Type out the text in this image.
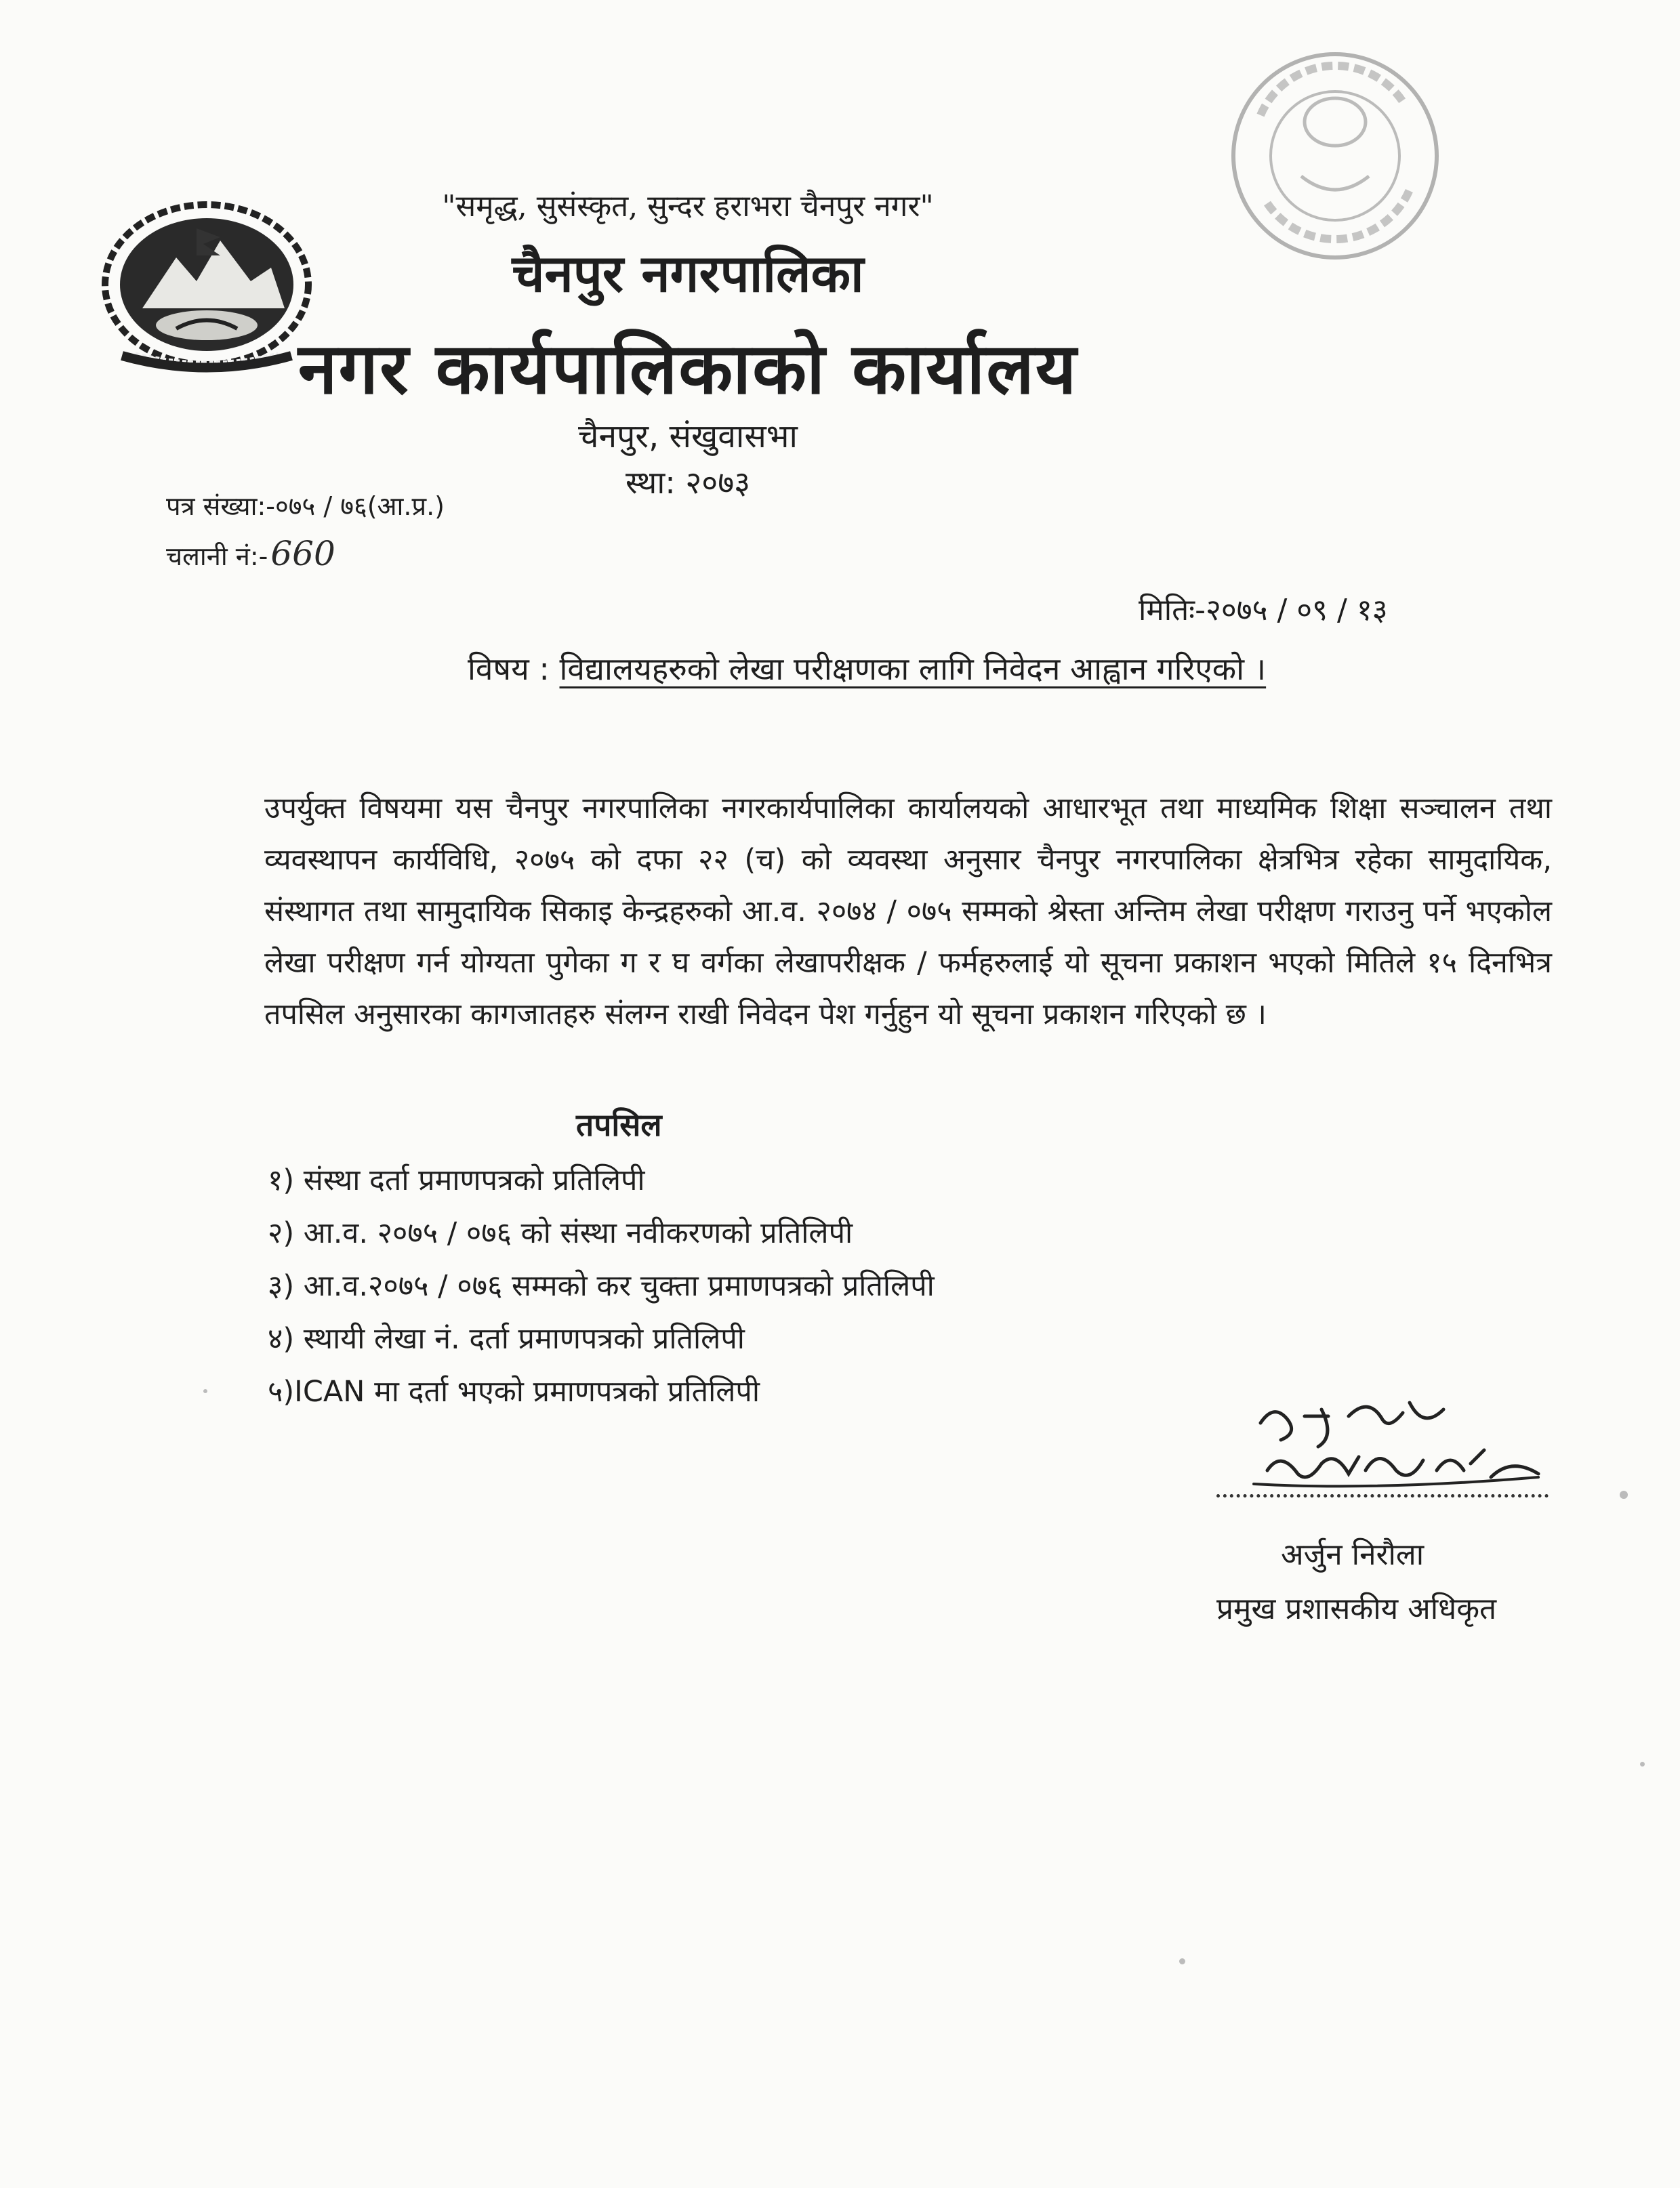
"समृद्ध, सुसंस्कृत, सुन्दर हराभरा चैनपुर नगर"
चैनपुर नगरपालिका
नगर कार्यपालिकाको कार्यालय
चैनपुर, संखुवासभा
स्था: २०७३
पत्र संख्या:-०७५ / ७६(आ.प्र.)
चलानी नं:-660
मितिः-२०७५ / ०९ / १३
विषय : विद्यालयहरुको लेखा परीक्षणका लागि निवेदन आह्वान गरिएको ।
उपर्युक्त विषयमा यस चैनपुर नगरपालिका नगरकार्यपालिका कार्यालयको आधारभूत तथा माध्यमिक शिक्षा सञ्चालन तथा व्यवस्थापन कार्यविधि, २०७५ को दफा २२ (च) को व्यवस्था अनुसार चैनपुर नगरपालिका क्षेत्रभित्र रहेका सामुदायिक, संस्थागत तथा सामुदायिक सिकाइ केन्द्रहरुको आ.व. २०७४ / ०७५ सम्मको श्रेस्ता अन्तिम लेखा परीक्षण गराउनु पर्ने भएकोल लेखा परीक्षण गर्न योग्यता पुगेका ग र घ वर्गका लेखापरीक्षक / फर्महरुलाई यो सूचना प्रकाशन भएको मितिले १५ दिनभित्र तपसिल अनुसारका कागजातहरु संलग्न राखी निवेदन पेश गर्नुहुन यो सूचना प्रकाशन गरिएको छ ।
तपसिल
१) संस्था दर्ता प्रमाणपत्रको प्रतिलिपी
२) आ.व. २०७५ / ०७६ को संस्था नवीकरणको प्रतिलिपी
३) आ.व.२०७५ / ०७६ सम्मको कर चुक्ता प्रमाणपत्रको प्रतिलिपी
४) स्थायी लेखा नं. दर्ता प्रमाणपत्रको प्रतिलिपी
५)ICAN मा दर्ता भएको प्रमाणपत्रको प्रतिलिपी
अर्जुन निरौला
प्रमुख प्रशासकीय अधिकृत
